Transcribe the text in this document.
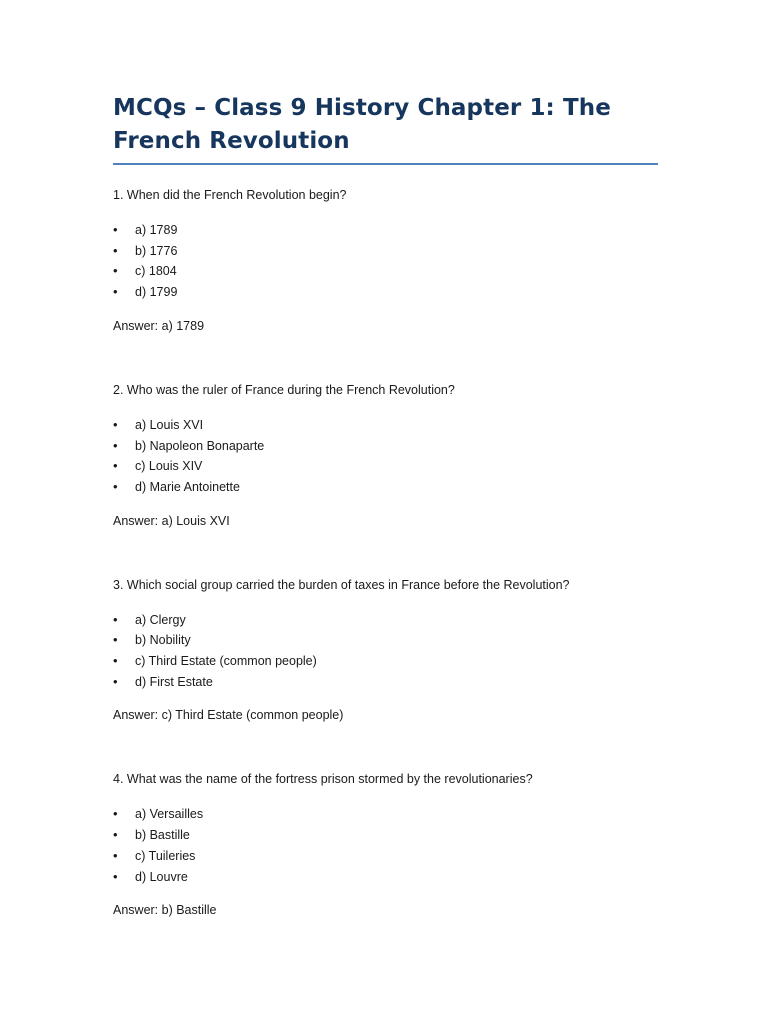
MCQs – Class 9 History Chapter 1: The
French Revolution

1. When did the French Revolution begin?

• a) 1789
• b) 1776
• c) 1804
• d) 1799

Answer: a) 1789

2. Who was the ruler of France during the French Revolution?

• a) Louis XVI
• b) Napoleon Bonaparte
• c) Louis XIV
• d) Marie Antoinette

Answer: a) Louis XVI

3. Which social group carried the burden of taxes in France before the Revolution?

• a) Clergy
• b) Nobility
• c) Third Estate (common people)
• d) First Estate

Answer: c) Third Estate (common people)

4. What was the name of the fortress prison stormed by the revolutionaries?

• a) Versailles
• b) Bastille
• c) Tuileries
• d) Louvre

Answer: b) Bastille
